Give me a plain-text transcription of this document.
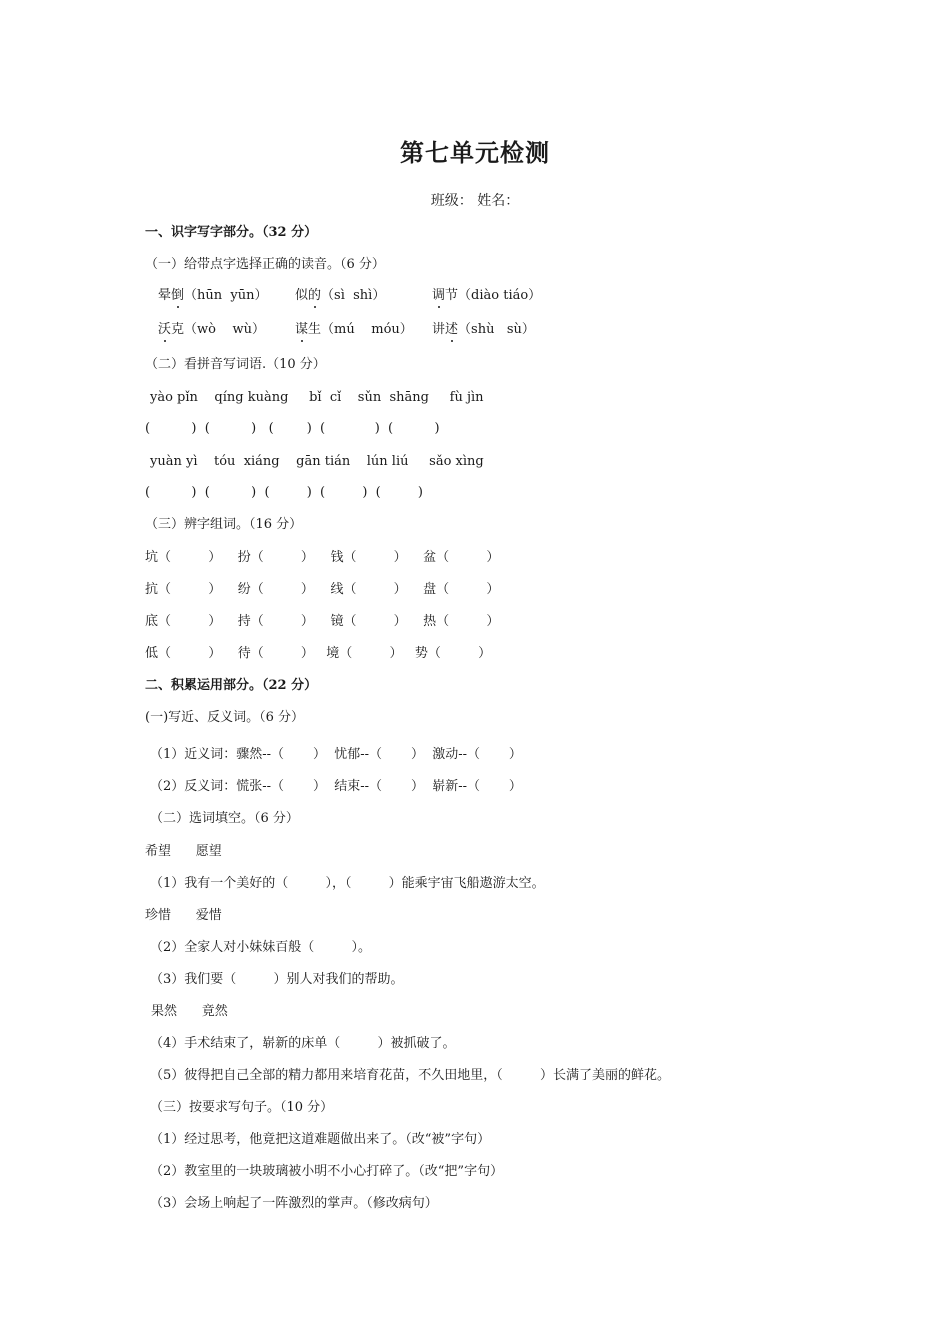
第七单元检测
班级： 姓名：
一、识字写字部分。（32 分）
（一）给带点字选择正确的读音。（6 分）
晕倒（hūn  yūn） 似的（sì  shì）	调节（diào tiáo）
沃克（wò    wù） 谋生（mú    móu） 讲述（shù   sù）
（二）看拼音写词语.（10 分）
yào pǐn    qíng kuàng     bǐ  cǐ    sǔn  shāng     fù jìn
(          )  (          )   (        )  (            )  (          )
yuàn yì    tóu  xiáng    gān tián    lún liú     sǎo xìng
(          )  (          )  (         )  (         )  (         )
（三）辨字组词。（16 分）
坑（         ）    扮（         ）    钱（         ）    盆（         ）
抗（         ）    纷（         ）    线（         ）    盘（         ）
底（         ）    持（         ）    镜（         ）    热（         ）
低（         ）    待（         ）   境（         ）   势（         ）
二、积累运用部分。（22 分）
(一)写近、反义词。（6 分）
（1）近义词：骤然--（       ）  忧郁--（       ）  激动--（       ）
（2）反义词：慌张--（       ）  结束--（       ）  崭新--（       ）
（二）选词填空。（6 分）
希望      愿望
（1）我有一个美好的（         ），（         ）能乘宇宙飞船遨游太空。
珍惜      爱惜
（2）全家人对小妹妹百般（         ）。
（3）我们要（         ）别人对我们的帮助。
果然      竟然
（4）手术结束了，崭新的床单（         ）被抓破了。
（5）彼得把自己全部的精力都用来培育花苗，不久田地里，（         ）长满了美丽的鲜花。
（三）按要求写句子。（10 分）
（1）经过思考，他竟把这道难题做出来了。（改“被”字句）
（2）教室里的一块玻璃被小明不小心打碎了。（改“把”字句）
（3）会场上响起了一阵激烈的掌声。（修改病句）
